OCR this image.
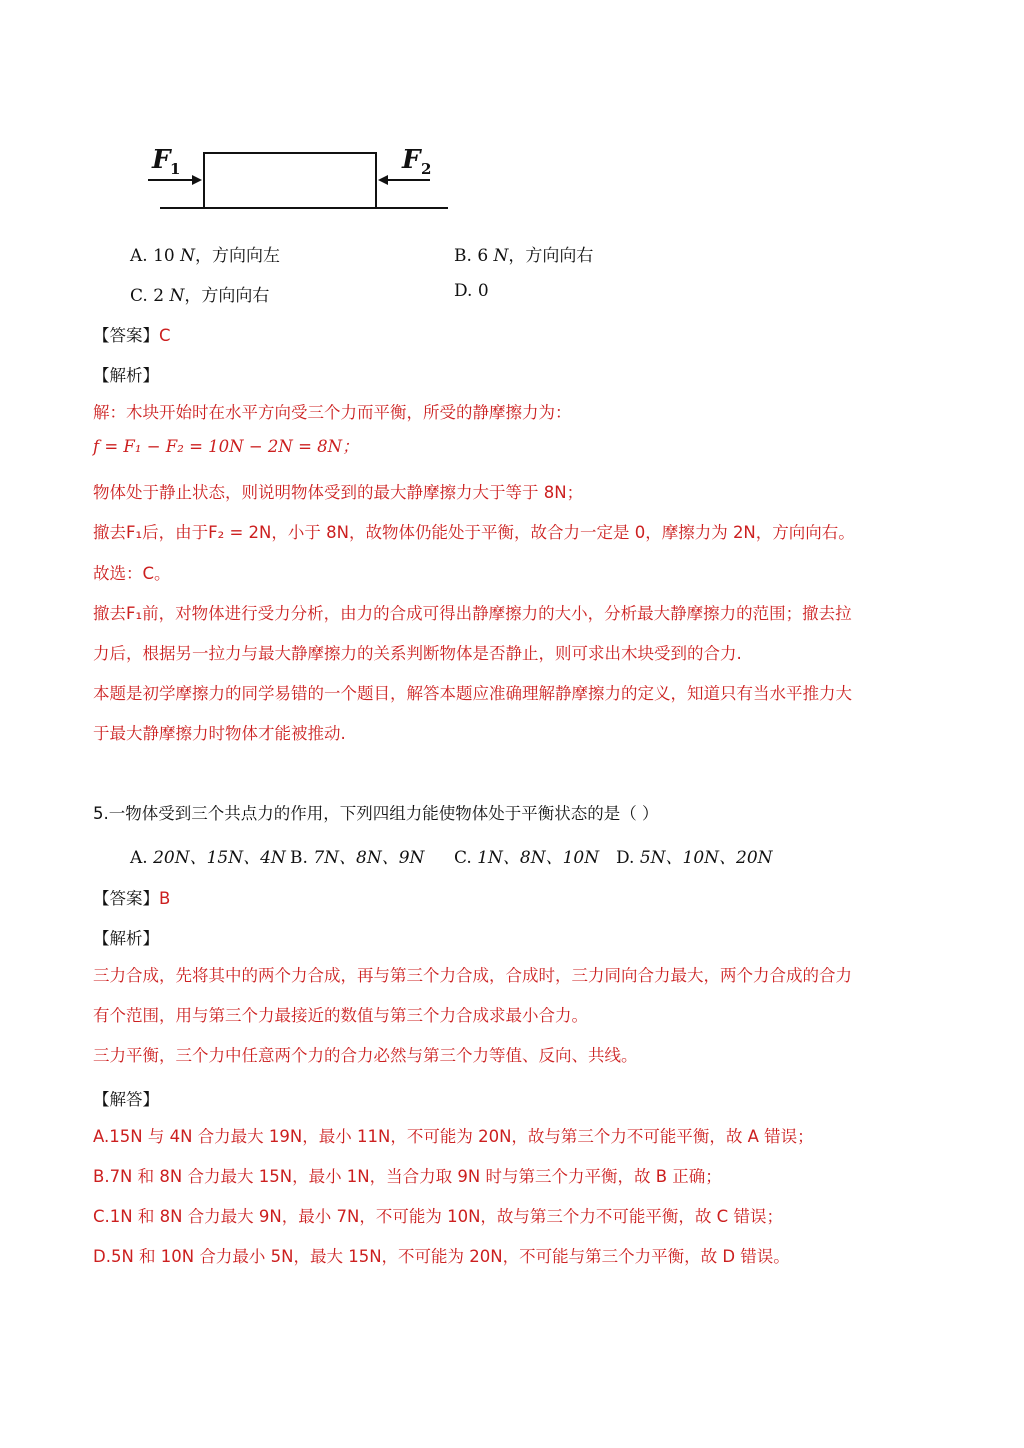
F 1	F 2
A. 10 N，方向向左	B. 6 N，方向向右
C. 2 N，方向向右	D. 0
【答案】C
【解析】
解：木块开始时在水平方向受三个力而平衡，所受的静摩擦力为：
f = F₁ − F₂ = 10N − 2N = 8N；
物体处于静止状态，则说明物体受到的最大静摩擦力大于等于 8N；
撤去F₁后，由于F₂ = 2N，小于 8N，故物体仍能处于平衡，故合力一定是 0，摩擦力为 2N，方向向右。
故选：C。
撤去F₁前，对物体进行受力分析，由力的合成可得出静摩擦力的大小，分析最大静摩擦力的范围；撤去拉
力后，根据另一拉力与最大静摩擦力的关系判断物体是否静止，则可求出木块受到的合力.
本题是初学摩擦力的同学易错的一个题目，解答本题应准确理解静摩擦力的定义，知道只有当水平推力大
于最大静摩擦力时物体才能被推动.
5.一物体受到三个共点力的作用，下列四组力能使物体处于平衡状态的是（ ）
A. 20N、15N、4N B. 7N、8N、9N C. 1N、8N、10N D. 5N、10N、20N
【答案】B
【解析】
三力合成，先将其中的两个力合成，再与第三个力合成，合成时，三力同向合力最大，两个力合成的合力
有个范围，用与第三个力最接近的数值与第三个力合成求最小合力。
三力平衡，三个力中任意两个力的合力必然与第三个力等值、反向、共线。
【解答】
A.15N 与 4N 合力最大 19N，最小 11N，不可能为 20N，故与第三个力不可能平衡，故 A 错误；
B.7N 和 8N 合力最大 15N，最小 1N，当合力取 9N 时与第三个力平衡，故 B 正确；
C.1N 和 8N 合力最大 9N，最小 7N，不可能为 10N，故与第三个力不可能平衡，故 C 错误；
D.5N 和 10N 合力最小 5N，最大 15N，不可能为 20N，不可能与第三个力平衡，故 D 错误。
